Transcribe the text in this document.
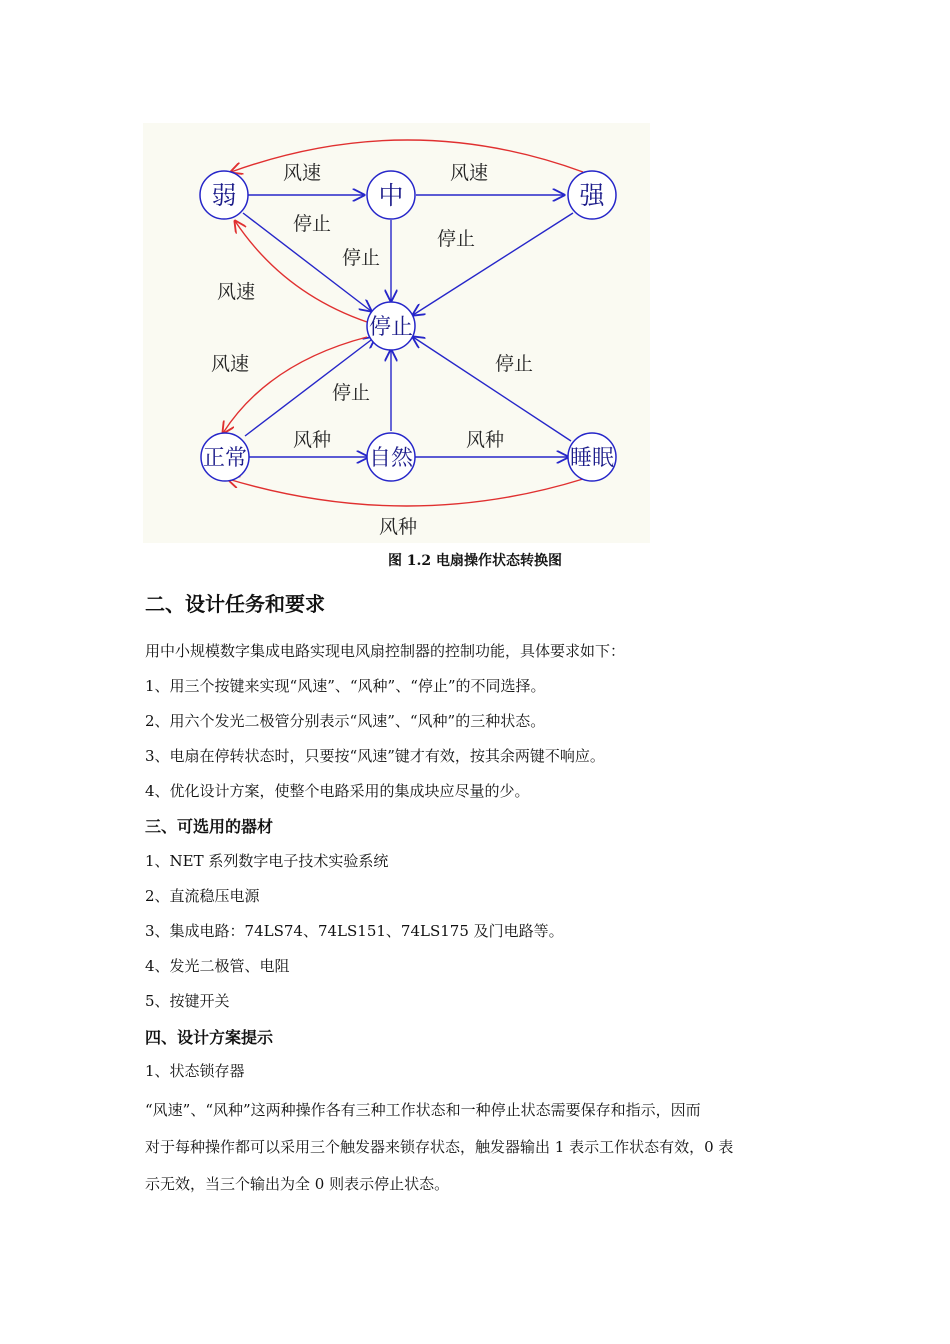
弱	中	强
停止
正常	自然	睡眠
风速	风速
停止
停止
停止
风速
风速
停止
停止
风种	风种
风种
图 1.2 电扇操作状态转换图
二、设计任务和要求
用中小规模数字集成电路实现电风扇控制器的控制功能，具体要求如下：
1、用三个按键来实现“风速”、“风种”、“停止”的不同选择。
2、用六个发光二极管分别表示“风速”、“风种”的三种状态。
3、电扇在停转状态时，只要按“风速”键才有效，按其余两键不响应。
4、优化设计方案，使整个电路采用的集成块应尽量的少。
三、可选用的器材
1、NET 系列数字电子技术实验系统
2、直流稳压电源
3、集成电路：74LS74、74LS151、74LS175 及门电路等。
4、发光二极管、电阻
5、按键开关
四、设计方案提示
1、状态锁存器
“风速”、“风种”这两种操作各有三种工作状态和一种停止状态需要保存和指示，因而
对于每种操作都可以采用三个触发器来锁存状态，触发器输出 1 表示工作状态有效，0 表
示无效，当三个输出为全 0 则表示停止状态。
